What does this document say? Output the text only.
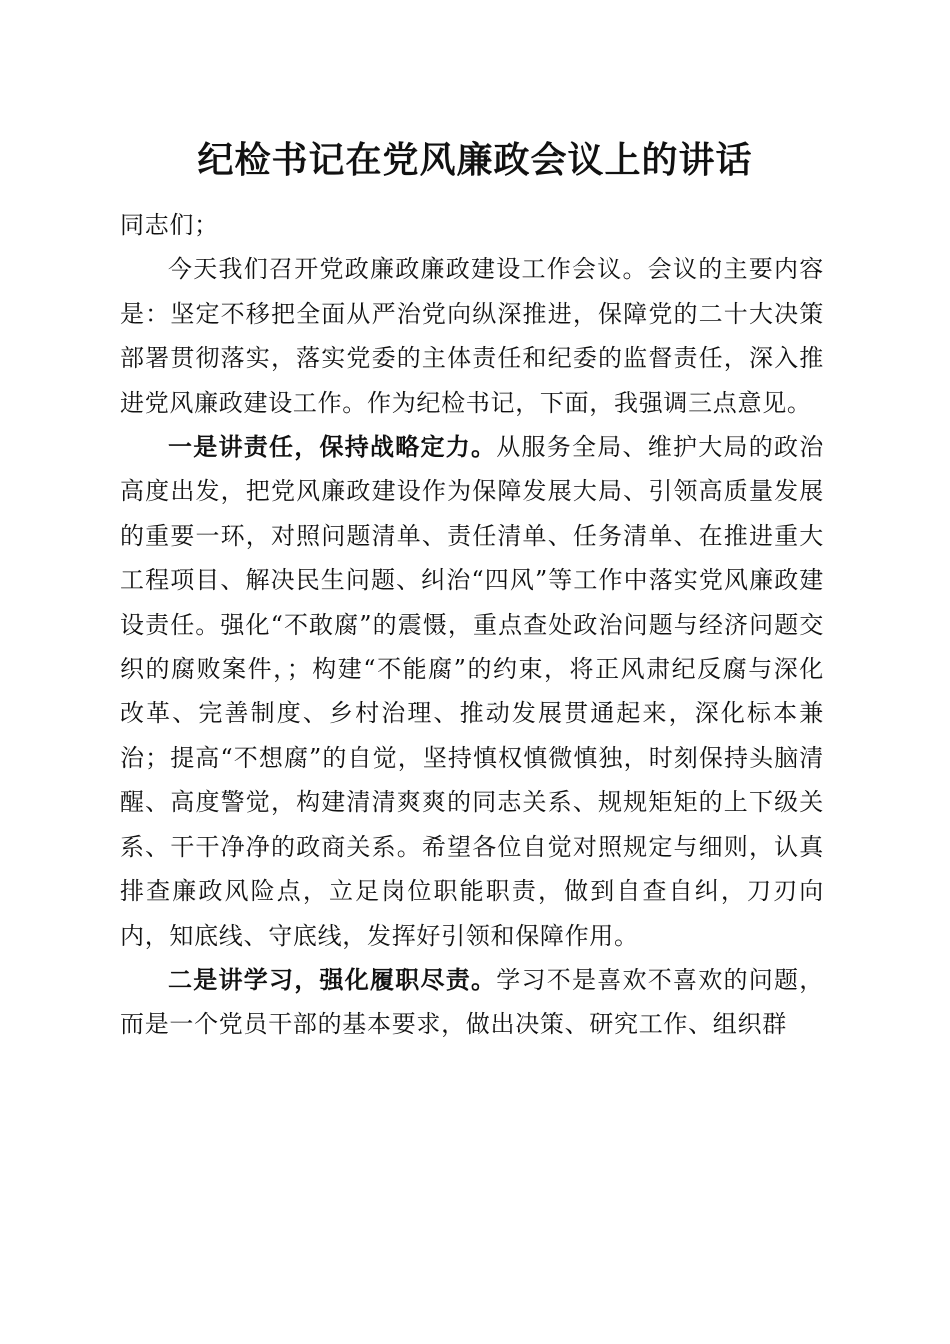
纪检书记在党风廉政会议上的讲话

同志们；

今天我们召开党政廉政廉政建设工作会议。会议的主要内容是：坚定不移把全面从严治党向纵深推进，保障党的二十大决策部署贯彻落实，落实党委的主体责任和纪委的监督责任，深入推进党风廉政建设工作。作为纪检书记，下面，我强调三点意见。

一是讲责任，保持战略定力。从服务全局、维护大局的政治高度出发，把党风廉政建设作为保障发展大局、引领高质量发展的重要一环，对照问题清单、责任清单、任务清单、在推进重大工程项目、解决民生问题、纠治“四风”等工作中落实党风廉政建设责任。强化“不敢腐”的震慑，重点查处政治问题与经济问题交织的腐败案件，；构建“不能腐”的约束，将正风肃纪反腐与深化改革、完善制度、乡村治理、推动发展贯通起来，深化标本兼治；提高“不想腐”的自觉，坚持慎权慎微慎独，时刻保持头脑清醒、高度警觉，构建清清爽爽的同志关系、规规矩矩的上下级关系、干干净净的政商关系。希望各位自觉对照规定与细则，认真排查廉政风险点，立足岗位职能职责，做到自查自纠，刀刃向内，知底线、守底线，发挥好引领和保障作用。

二是讲学习，强化履职尽责。学习不是喜欢不喜欢的问题，而是一个党员干部的基本要求，做出决策、研究工作、组织群
